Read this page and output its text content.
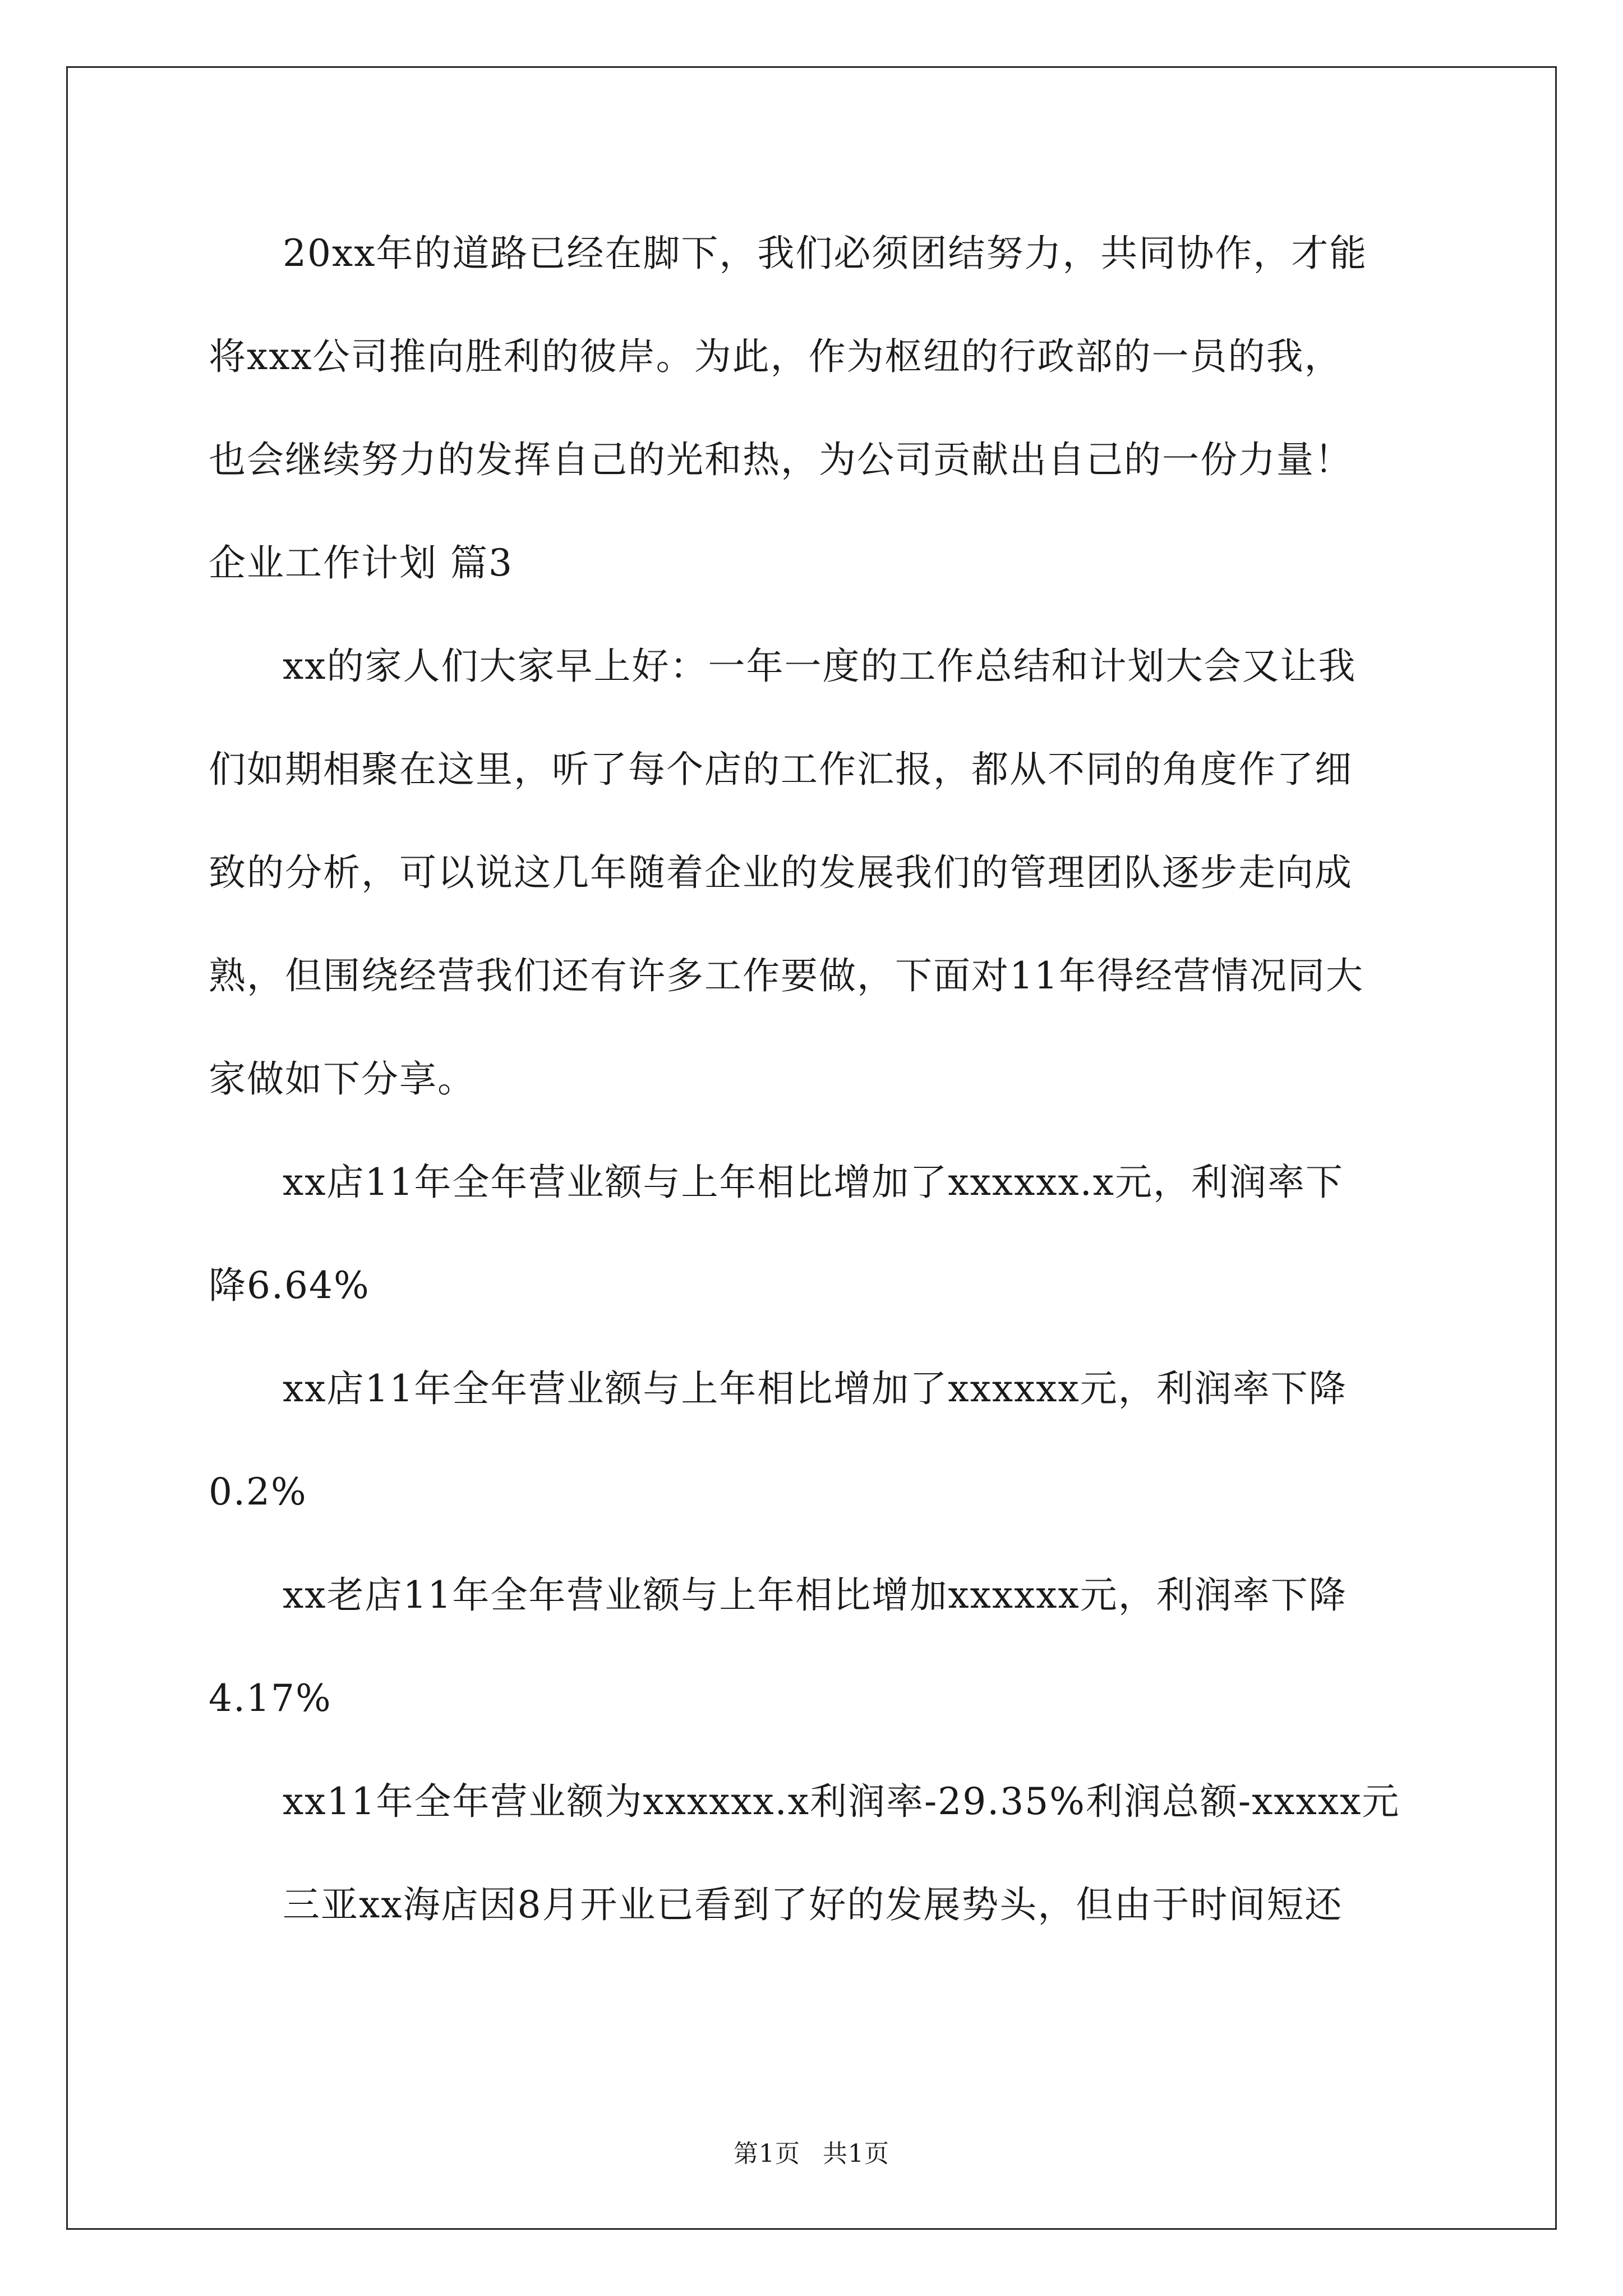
20xx年的道路已经在脚下，我们必须团结努力，共同协作，才能
将xxx公司推向胜利的彼岸。为此，作为枢纽的行政部的一员的我，
也会继续努力的发挥自己的光和热，为公司贡献出自己的一份力量！
企业工作计划 篇3
xx的家人们大家早上好：一年一度的工作总结和计划大会又让我
们如期相聚在这里，听了每个店的工作汇报，都从不同的角度作了细
致的分析，可以说这几年随着企业的发展我们的管理团队逐步走向成
熟，但围绕经营我们还有许多工作要做，下面对11年得经营情况同大
家做如下分享。
xx店11年全年营业额与上年相比增加了xxxxxx.x元，利润率下
降6.64%
xx店11年全年营业额与上年相比增加了xxxxxx元，利润率下降
0.2%
xx老店11年全年营业额与上年相比增加xxxxxx元，利润率下降
4.17%
xx11年全年营业额为xxxxxx.x利润率-29.35%利润总额-xxxxx元
三亚xx海店因8月开业已看到了好的发展势头，但由于时间短还
第1页 共1页
